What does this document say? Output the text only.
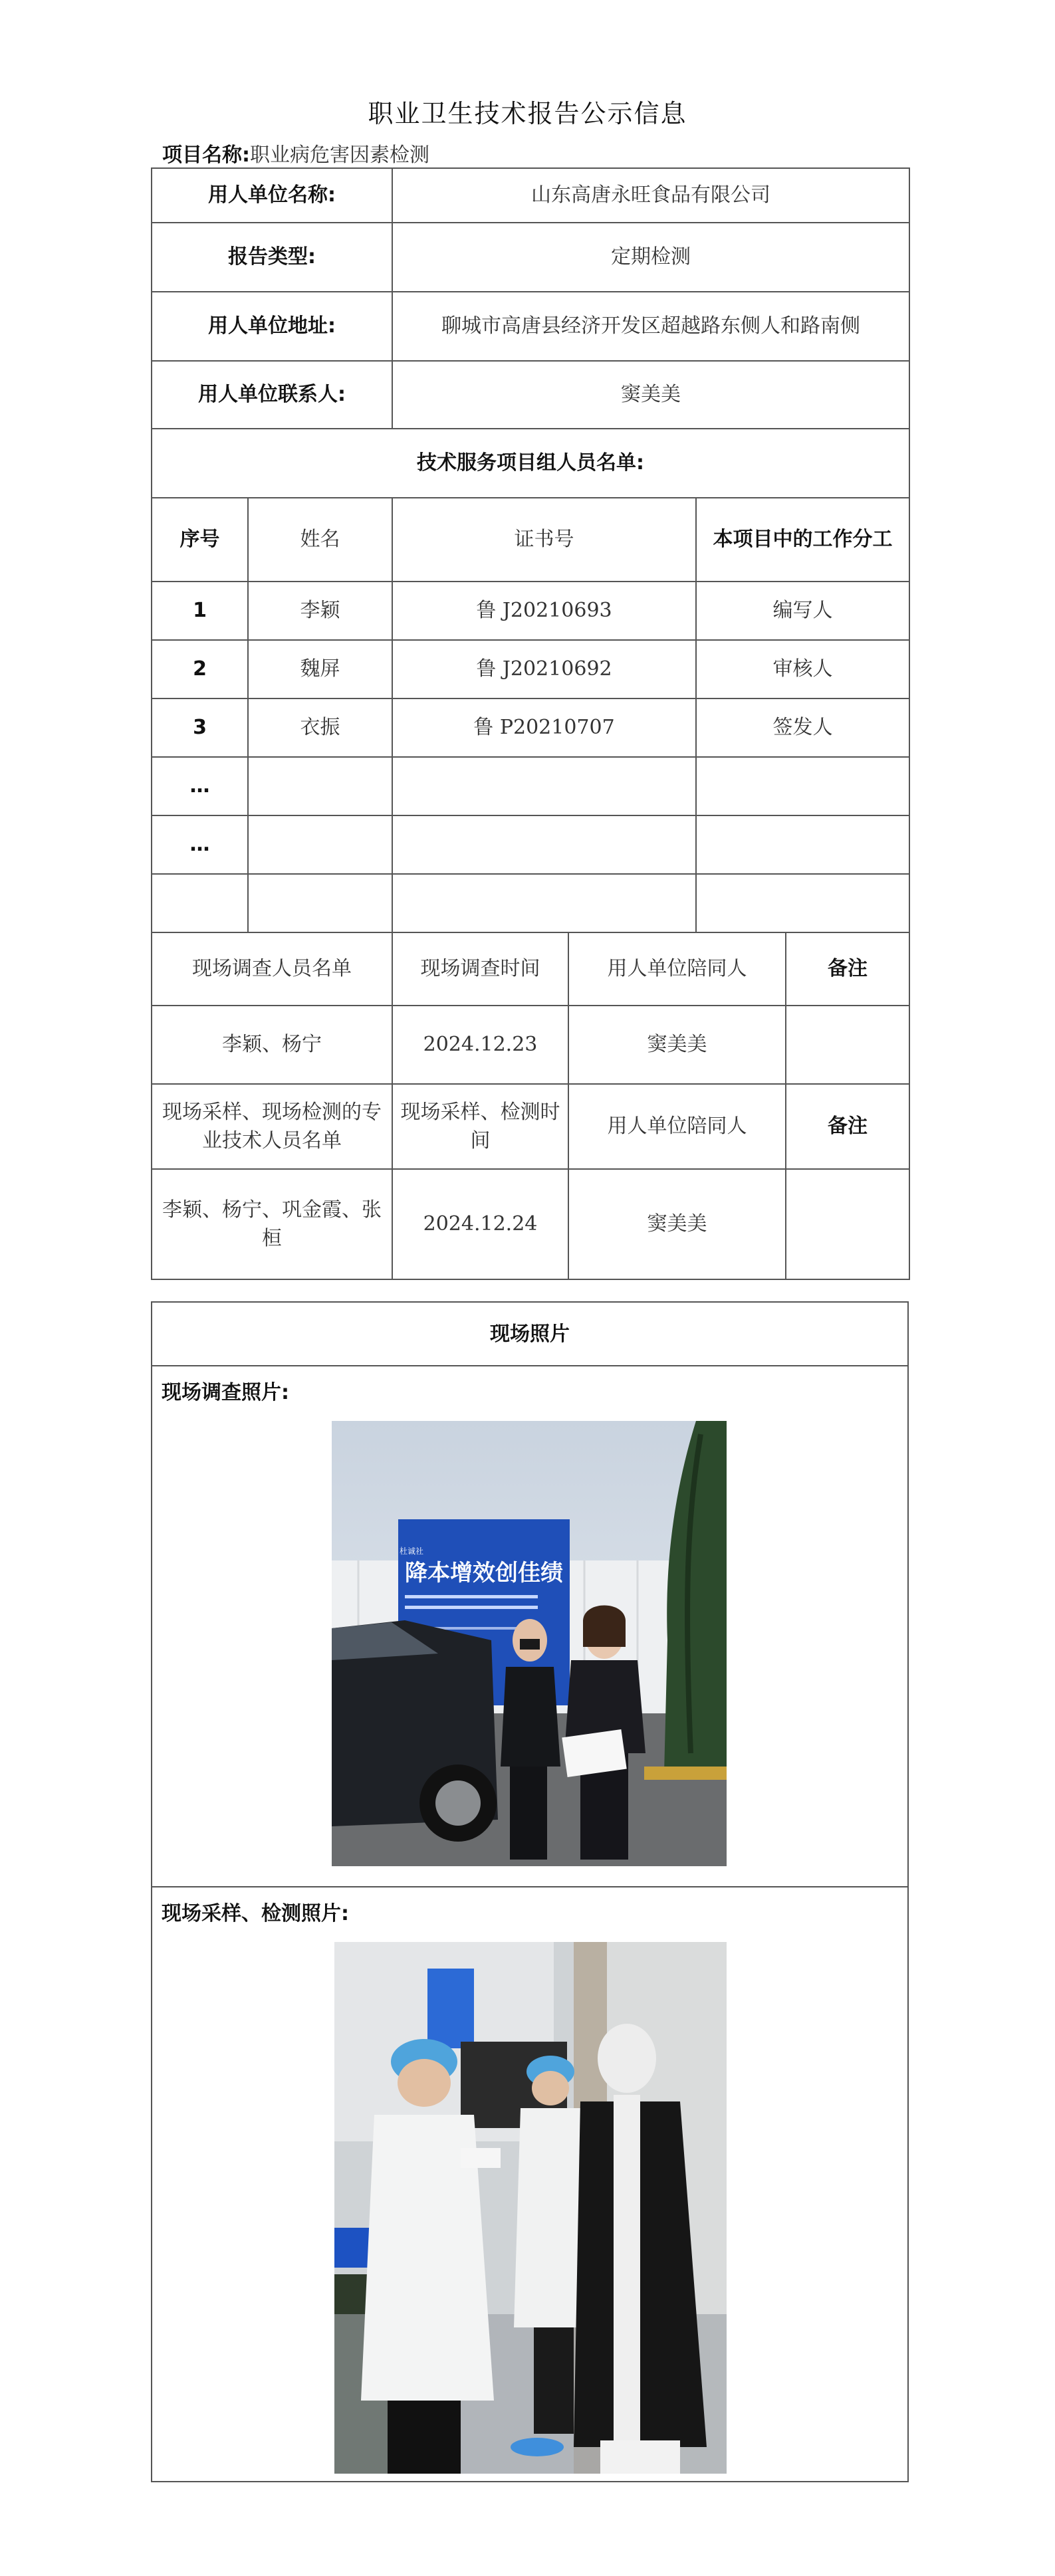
职业卫生技术报告公示信息
项目名称:职业病危害因素检测
用人单位名称:		山东高唐永旺食品有限公司			
报告类型:		定期检测			
用人单位地址:		聊城市高唐县经济开发区超越路东侧人和路南侧			
用人单位联系人:		窦美美			
技术服务项目组人员名单:					
序号	姓名	证书号		本项目中的工作分工	
1	李颖	鲁 J20210693		编写人	
2	魏屏	鲁 J20210692		审核人	
3	衣振	鲁 P20210707		签发人	
…					
…					

现场调查人员名单		现场调查时间	用人单位陪同人		备注
李颖、杨宁		2024.12.23	窦美美		
现场采样、现场检测的专业技术人员名单		现场采样、检测时间	用人单位陪同人		备注
李颖、杨宁、巩金霞、张桓		2024.12.24	窦美美		
现场照片
现场调查照片:
杜诚社
降本增效创佳绩
现场采样、检测照片:
